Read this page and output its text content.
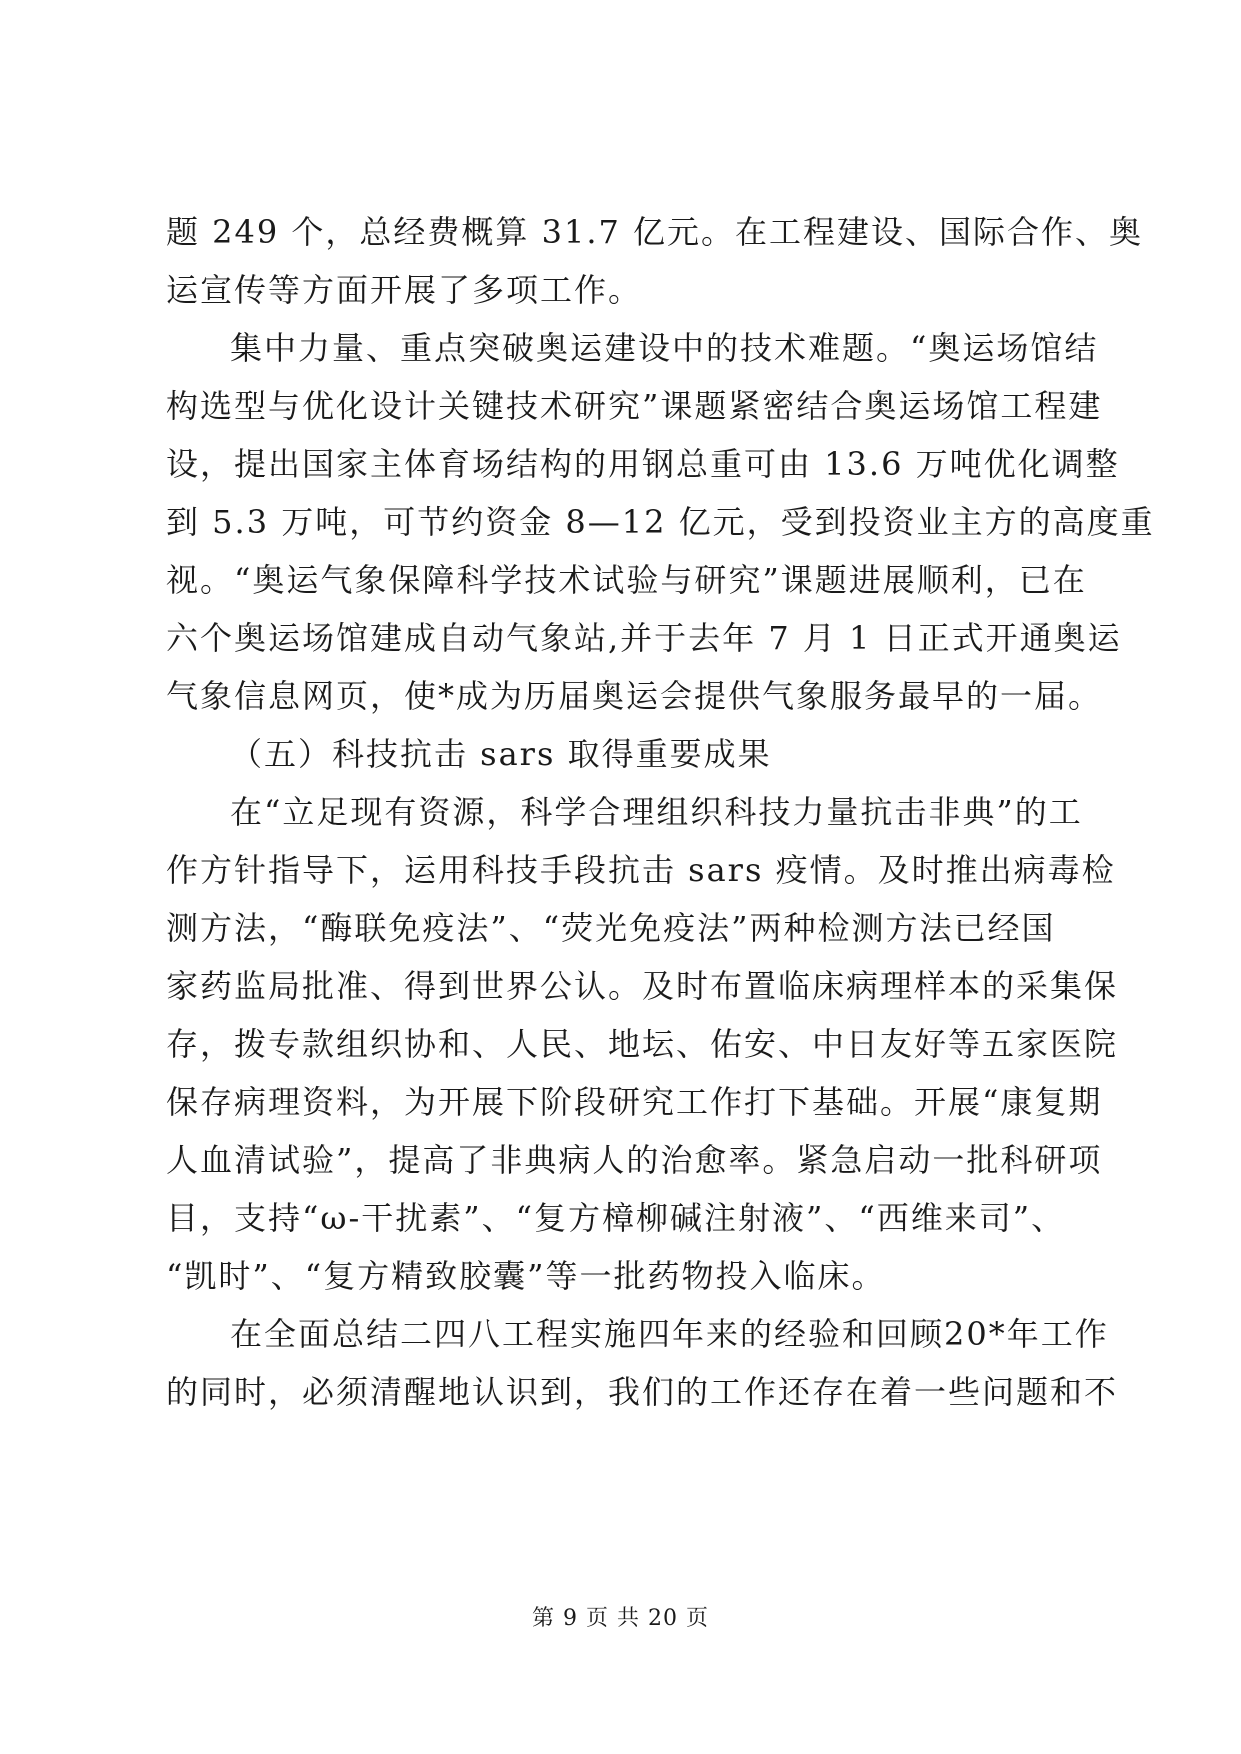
题 249 个，总经费概算 31.7 亿元。在工程建设、国际合作、奥
运宣传等方面开展了多项工作。
集中力量、重点突破奥运建设中的技术难题。“奥运场馆结
构选型与优化设计关键技术研究”课题紧密结合奥运场馆工程建
设，提出国家主体育场结构的用钢总重可由 13.6 万吨优化调整
到 5.3 万吨，可节约资金 8—12 亿元，受到投资业主方的高度重
视。“奥运气象保障科学技术试验与研究”课题进展顺利，已在
六个奥运场馆建成自动气象站,并于去年 7 月 1 日正式开通奥运
气象信息网页，使*成为历届奥运会提供气象服务最早的一届。
（五）科技抗击 sars 取得重要成果
在“立足现有资源，科学合理组织科技力量抗击非典”的工
作方针指导下，运用科技手段抗击 sars 疫情。及时推出病毒检
测方法，“酶联免疫法”、“荧光免疫法”两种检测方法已经国
家药监局批准、得到世界公认。及时布置临床病理样本的采集保
存，拨专款组织协和、人民、地坛、佑安、中日友好等五家医院
保存病理资料，为开展下阶段研究工作打下基础。开展“康复期
人血清试验”，提高了非典病人的治愈率。紧急启动一批科研项
目，支持“ω-干扰素”、“复方樟柳碱注射液”、“西维来司”、
“凯时”、“复方精致胶囊”等一批药物投入临床。
在全面总结二四八工程实施四年来的经验和回顾20*年工作
的同时，必须清醒地认识到，我们的工作还存在着一些问题和不
第 9 页 共 20 页
